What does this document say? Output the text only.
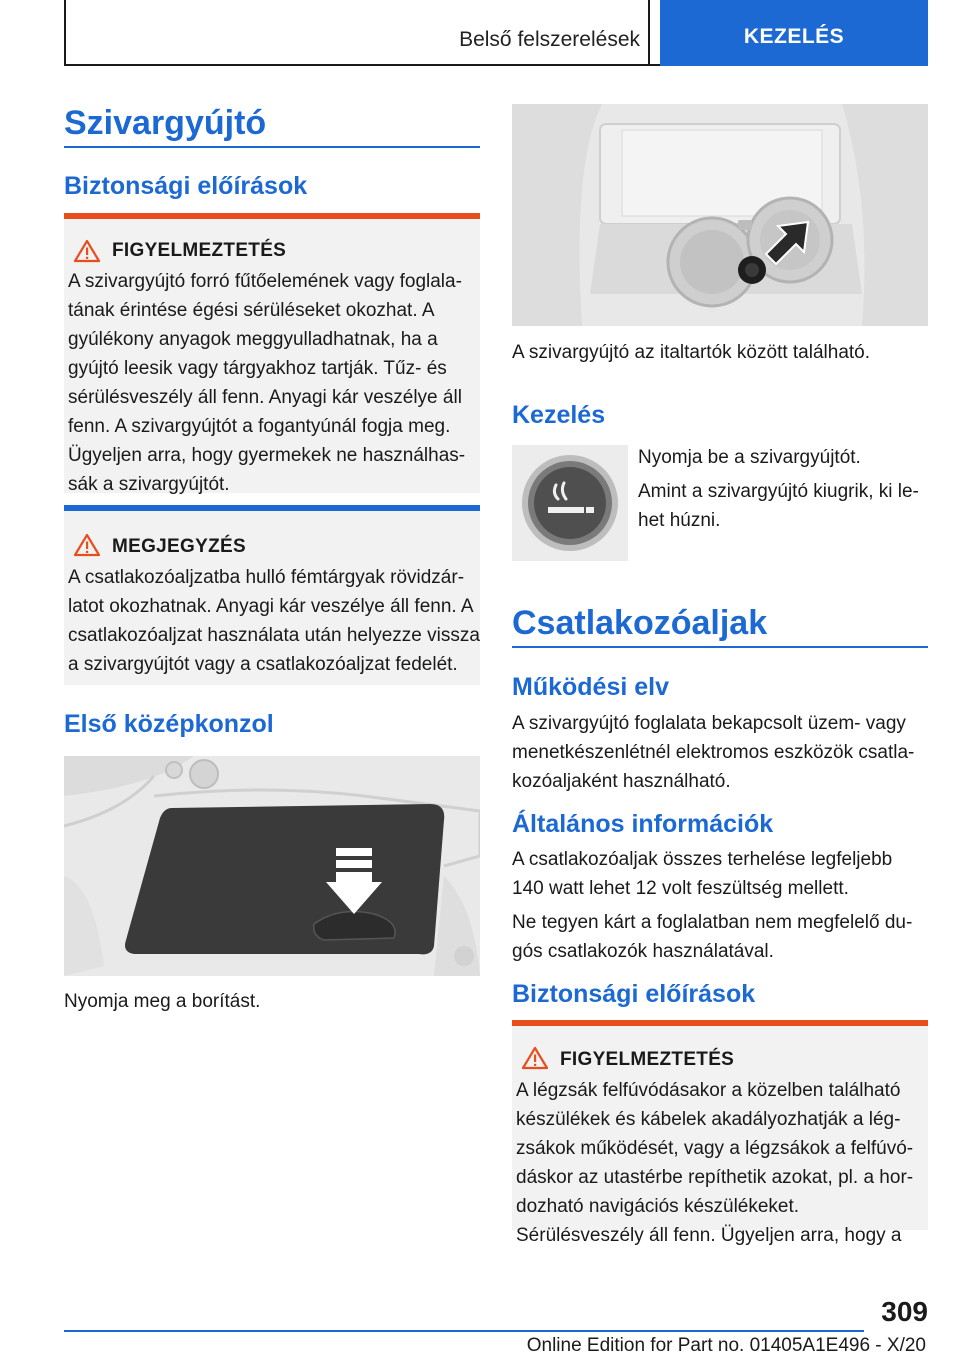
Belső felszerelések	KEZELÉS
Szivargyújtó
Biztonsági előírások
FIGYELMEZTETÉS
A szivargyújtó forró fűtőelemének vagy foglala-
tának érintése égési sérüléseket okozhat. A
gyúlékony anyagok meggyulladhatnak, ha a
gyújtó leesik vagy tárgyakhoz tartják. Tűz- és
sérülésveszély áll fenn. Anyagi kár veszélye áll
fenn. A szivargyújtót a fogantyúnál fogja meg.
Ügyeljen arra, hogy gyermekek ne használhas-
sák a szivargyújtót.
MEGJEGYZÉS
A csatlakozóaljzatba hulló fémtárgyak rövidzár-
latot okozhatnak. Anyagi kár veszélye áll fenn. A
csatlakozóaljzat használata után helyezze vissza
a szivargyújtót vagy a csatlakozóaljzat fedelét.
Első középkonzol
Nyomja meg a borítást.
A szivargyújtó az italtartók között található.
Kezelés
Nyomja be a szivargyújtót.
Amint a szivargyújtó kiugrik, ki le-
het húzni.
Csatlakozóaljak
Működési elv
A szivargyújtó foglalata bekapcsolt üzem- vagy
menetkészenlétnél elektromos eszközök csatla-
kozóaljaként használható.
Általános információk
A csatlakozóaljak összes terhelése legfeljebb
140 watt lehet 12 volt feszültség mellett.
Ne tegyen kárt a foglalatban nem megfelelő du-
gós csatlakozók használatával.
Biztonsági előírások
FIGYELMEZTETÉS
A légzsák felfúvódásakor a közelben található
készülékek és kábelek akadályozhatják a lég-
zsákok működését, vagy a légzsákok a felfúvó-
dáskor az utastérbe repíthetik azokat, pl. a hor-
dozható navigációs készülékeket.
Sérülésveszély áll fenn. Ügyeljen arra, hogy a
309
Online Edition for Part no. 01405A1E496 - X/20
